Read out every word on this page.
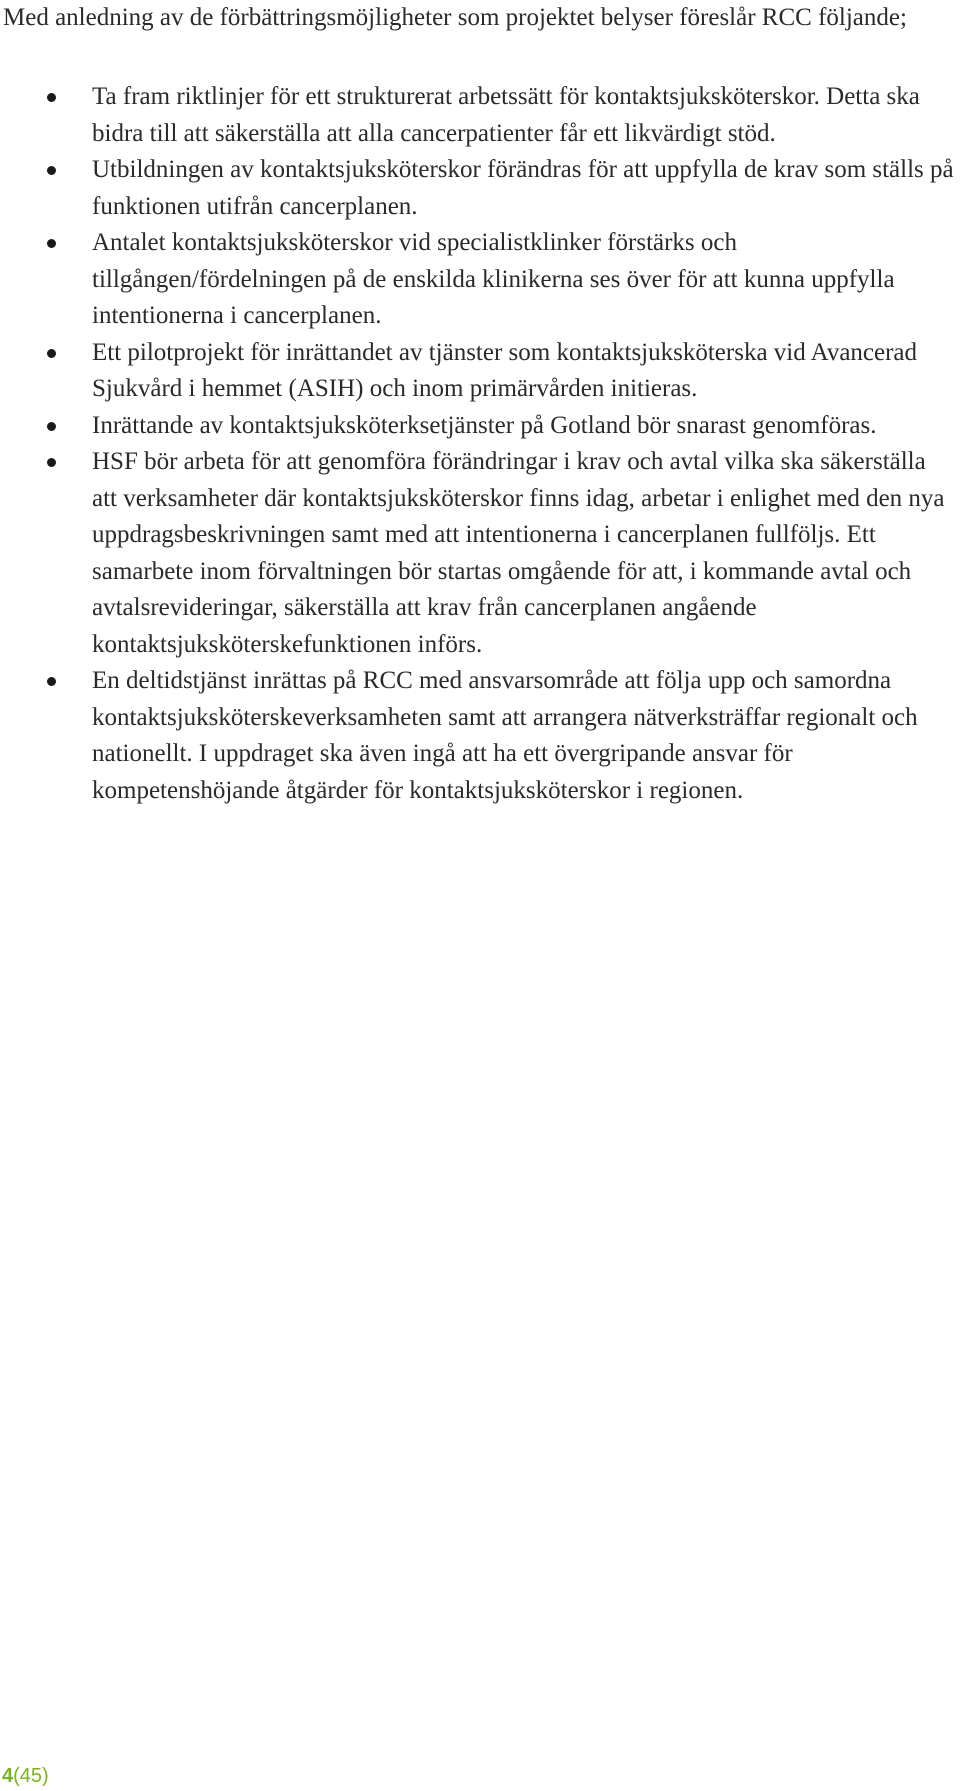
Med anledning av de förbättringsmöjligheter som projektet belyser föreslår RCC följande;

Ta fram riktlinjer för ett strukturerat arbetssätt för kontaktsjuksköterskor. Detta ska bidra till att säkerställa att alla cancerpatienter får ett likvärdigt stöd.
Utbildningen av kontaktsjuksköterskor förändras för att uppfylla de krav som ställs på funktionen utifrån cancerplanen.
Antalet kontaktsjuksköterskor vid specialistklinker förstärks och tillgången/fördelningen på de enskilda klinikerna ses över för att kunna uppfylla intentionerna i cancerplanen.
Ett pilotprojekt för inrättandet av tjänster som kontaktsjuksköterska vid Avancerad Sjukvård i hemmet (ASIH) och inom primärvården initieras.
Inrättande av kontaktsjuksköterksetjänster på Gotland bör snarast genomföras.
HSF bör arbeta för att genomföra förändringar i krav och avtal vilka ska säkerställa att verksamheter där kontaktsjuksköterskor finns idag, arbetar i enlighet med den nya uppdragsbeskrivningen samt med att intentionerna i cancerplanen fullföljs. Ett samarbete inom förvaltningen bör startas omgående för att, i kommande avtal och avtalsrevideringar, säkerställa att krav från cancerplanen angående kontaktsjuksköterskefunktionen införs.
En deltidstjänst inrättas på RCC med ansvarsområde att följa upp och samordna kontaktsjuksköterskeverksamheten samt att arrangera nätverksträffar regionalt och nationellt. I uppdraget ska även ingå att ha ett övergripande ansvar för kompetenshöjande åtgärder för kontaktsjuksköterskor i regionen.
4(45)
